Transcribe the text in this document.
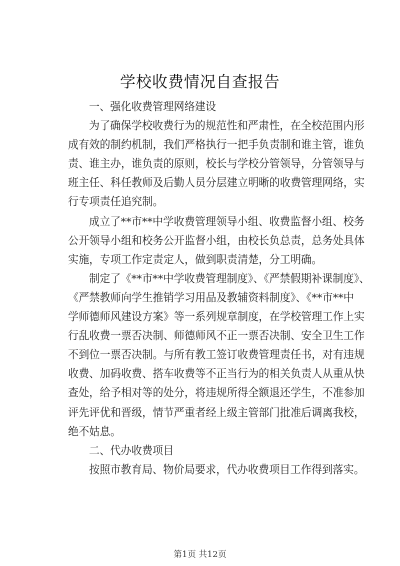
学校收费情况自查报告
一、强化收费管理网络建设
为了确保学校收费行为的规范性和严肃性，在全校范围内形
成有效的制约机制，我们严格执行一把手负责制和谁主管，谁负
责、谁主办，谁负责的原则，校长与学校分管领导，分管领导与
班主任、科任教师及后勤人员分层建立明晰的收费管理网络，实
行专项责任追究制。
成立了**市**中学收费管理领导小组、收费监督小组、校务
公开领导小组和校务公开监督小组，由校长负总责，总务处具体
实施，专项工作定责定人，做到职责清楚，分工明确。
制定了《**市**中学收费管理制度》、《严禁假期补课制度》、
《严禁教师向学生推销学习用品及教辅资料制度》、《**市**中
学师德师风建设方案》等一系列规章制度，在学校管理工作上实
行乱收费一票否决制、师德师风不正一票否决制、安全卫生工作
不到位一票否决制。与所有教工签订收费管理责任书，对有违规
收费、加码收费、搭车收费等不正当行为的相关负责人从重从快
查处，给予相对等的处分，将违规所得全额退还学生，不准参加
评先评优和晋级，情节严重者经上级主管部门批准后调离我校，
绝不姑息。
二、代办收费项目
按照市教育局、物价局要求，代办收费项目工作得到落实。
第1页 共12页
